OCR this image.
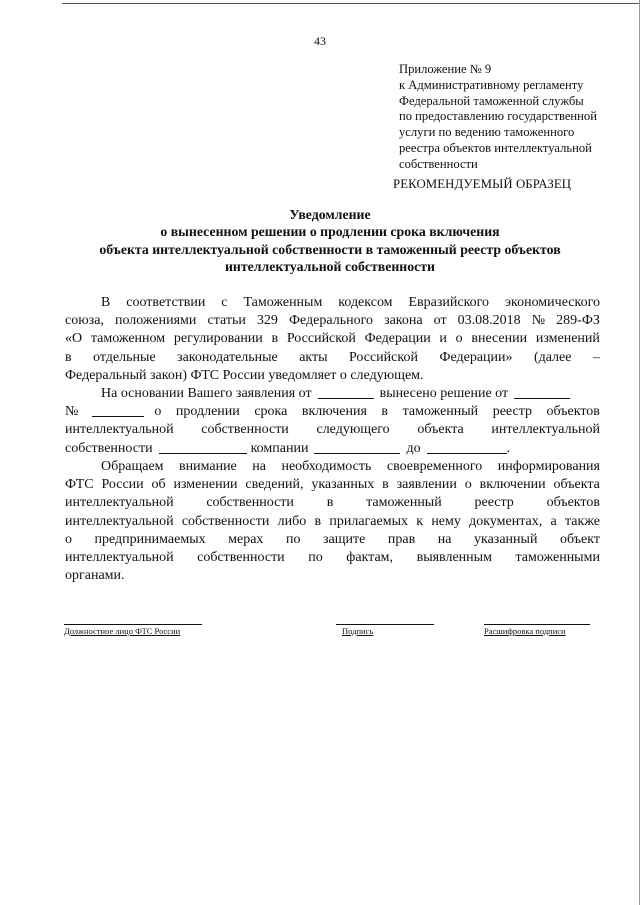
43
Приложение № 9
к Административному регламенту
Федеральной таможенной службы
по предоставлению государственной
услуги по ведению таможенного
реестра объектов интеллектуальной
собственности
РЕКОМЕНДУЕМЫЙ ОБРАЗЕЦ
Уведомление
о вынесенном решении о продлении срока включения
объекта интеллектуальной собственности в таможенный реестр объектов
интеллектуальной собственности
В соответствии с Таможенным кодексом Евразийского экономического
союза, положениями статьи 329 Федерального закона от 03.08.2018 № 289-ФЗ
«О таможенном регулировании в Российской Федерации и о внесении изменений
в отдельные законодательные акты Российской Федерации» (далее –
Федеральный закон) ФТС России уведомляет о следующем.
На основании Вашего заявления от	вынесено решение от
№	о продлении срока включения в таможенный реестр объектов
интеллектуальной собственности следующего объекта интеллектуальной
собственности	компании	до	.
Обращаем внимание на необходимость своевременного информирования
ФТС России об изменении сведений, указанных в заявлении о включении объекта
интеллектуальной собственности в таможенный реестр объектов
интеллектуальной собственности либо в прилагаемых к нему документах, а также
о предпринимаемых мерах по защите прав на указанный объект
интеллектуальной собственности по фактам, выявленным таможенными
органами.
Должностное лицо ФТС России	Подпись	Расшифровка подписи
